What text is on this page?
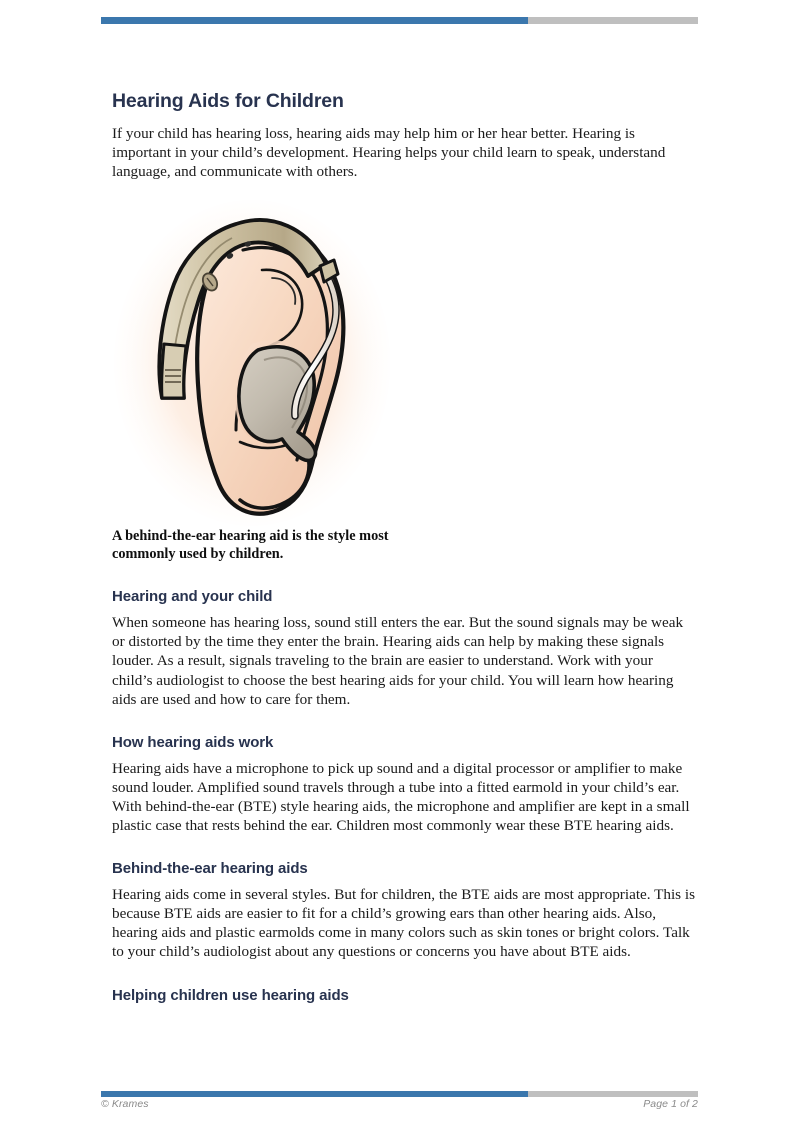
Hearing Aids for Children

If your child has hearing loss, hearing aids may help him or her hear better. Hearing is important in your child’s development. Hearing helps your child learn to speak, understand language, and communicate with others.

A behind-the-ear hearing aid is the style most commonly used by children.

Hearing and your child

When someone has hearing loss, sound still enters the ear. But the sound signals may be weak or distorted by the time they enter the brain. Hearing aids can help by making these signals louder. As a result, signals traveling to the brain are easier to understand. Work with your child’s audiologist to choose the best hearing aids for your child. You will learn how hearing aids are used and how to care for them.

How hearing aids work

Hearing aids have a microphone to pick up sound and a digital processor or amplifier to make sound louder. Amplified sound travels through a tube into a fitted earmold in your child’s ear. With behind-the-ear (BTE) style hearing aids, the microphone and amplifier are kept in a small plastic case that rests behind the ear. Children most commonly wear these BTE hearing aids.

Behind-the-ear hearing aids

Hearing aids come in several styles. But for children, the BTE aids are most appropriate. This is because BTE aids are easier to fit for a child’s growing ears than other hearing aids. Also, hearing aids and plastic earmolds come in many colors such as skin tones or bright colors. Talk to your child’s audiologist about any questions or concerns you have about BTE aids.

Helping children use hearing aids
© Krames	Page 1 of 2
